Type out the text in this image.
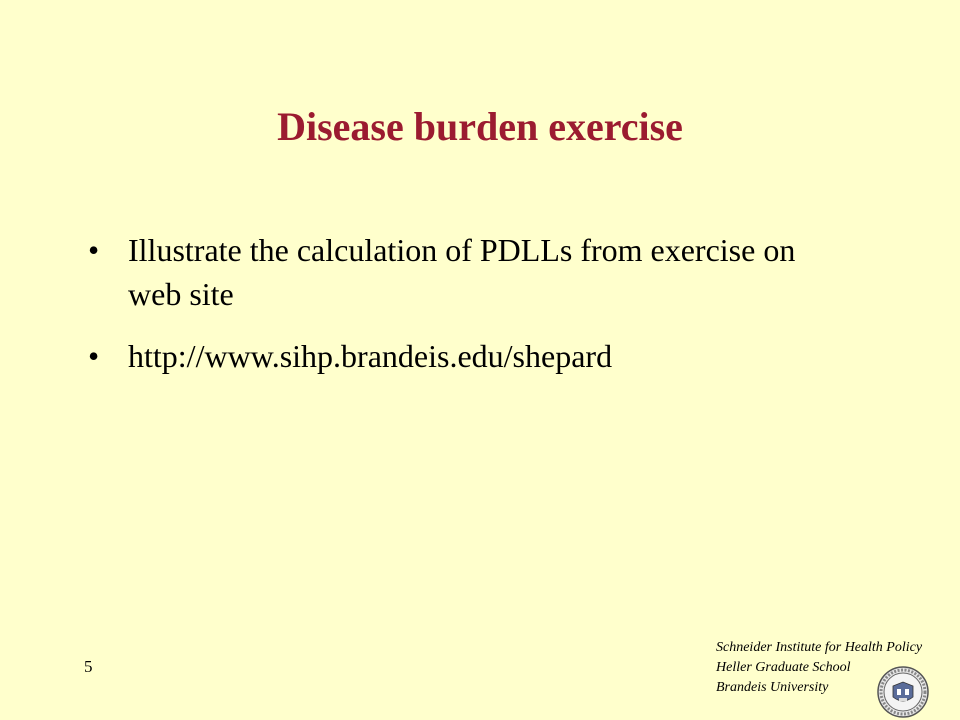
Disease burden exercise
• Illustrate the calculation of PDLLs from exercise on web site
• http://www.sihp.brandeis.edu/shepard
5
Schneider Institute for Health Policy
Heller Graduate School
Brandeis University
